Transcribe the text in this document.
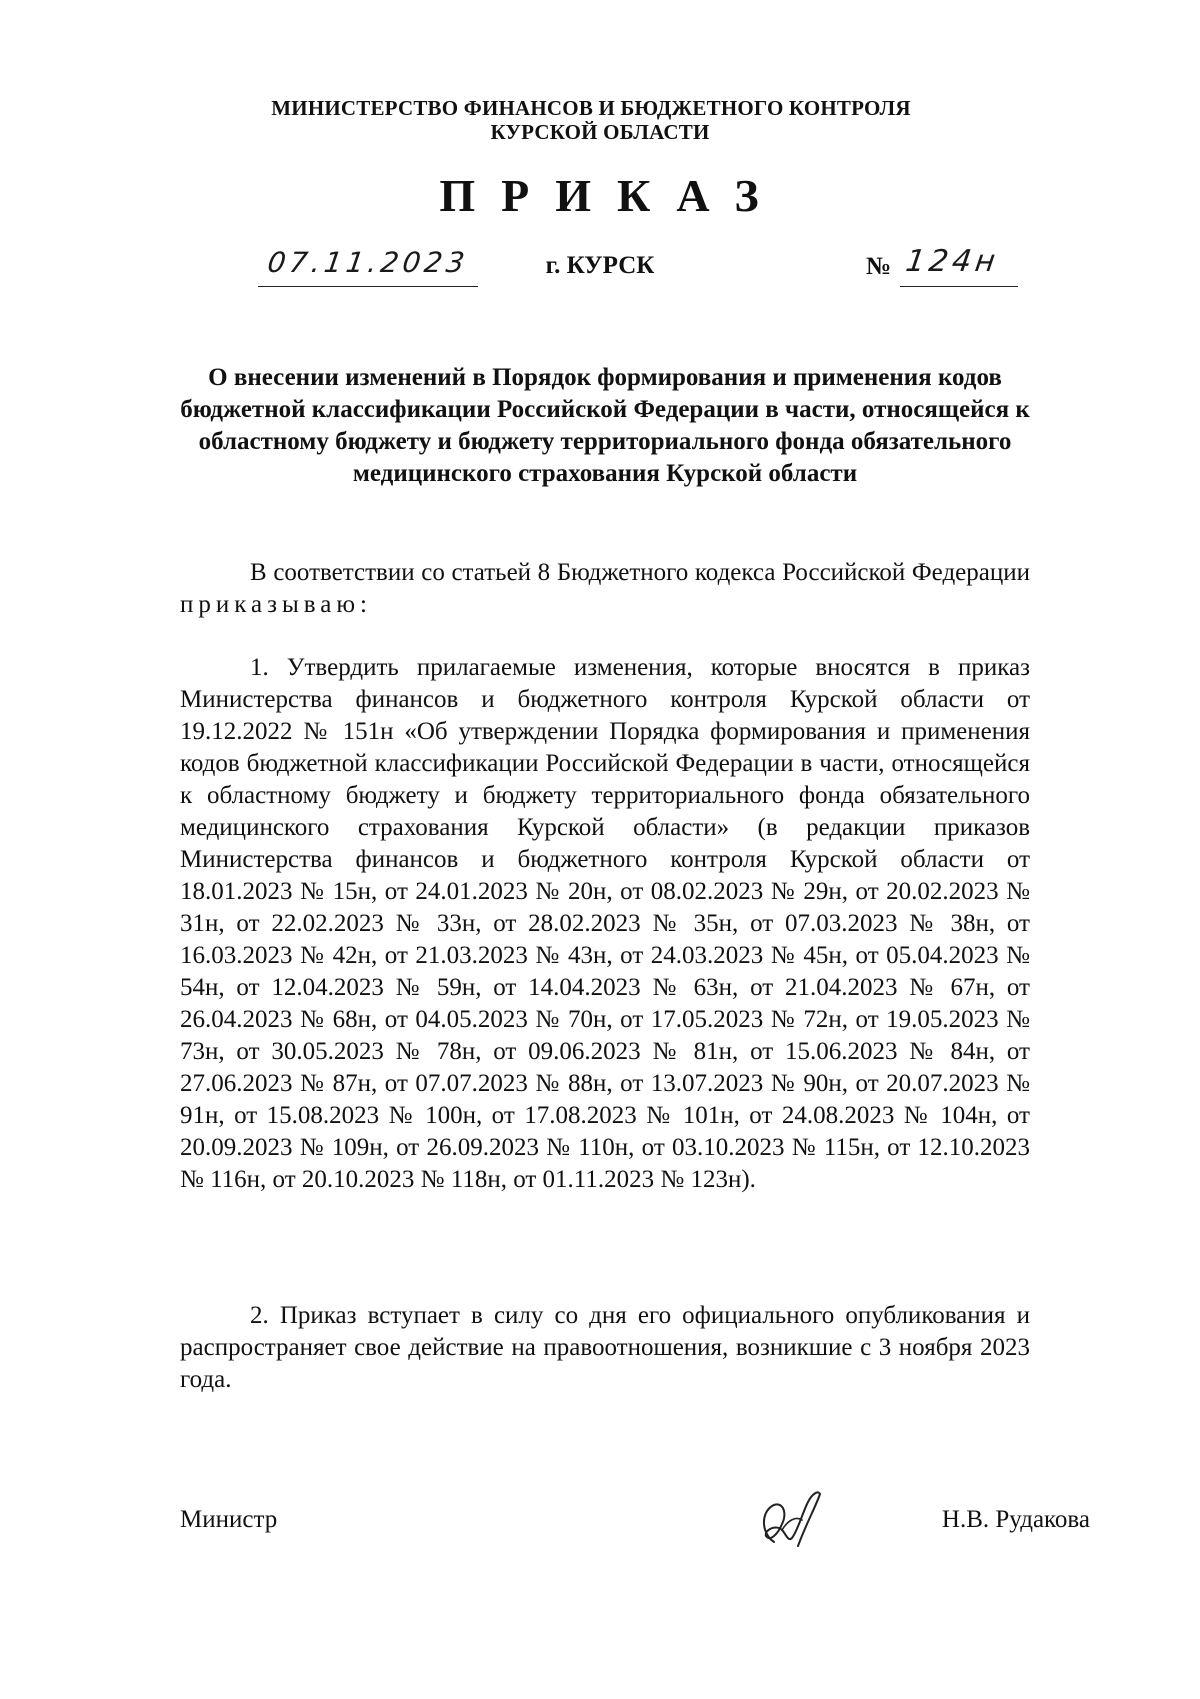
МИНИСТЕРСТВО ФИНАНСОВ И БЮДЖЕТНОГО КОНТРОЛЯ
КУРСКОЙ ОБЛАСТИ
ПРИКАЗ
07.11.2023	г. КУРСК	№ 124н
О внесении изменений в Порядок формирования и применения кодов бюджетной классификации Российской Федерации в части, относящейся к областному бюджету и бюджету территориального фонда обязательного медицинского страхования Курской области

В соответствии со статьей 8 Бюджетного кодекса Российской Федерации приказываю:

1. Утвердить прилагаемые изменения, которые вносятся в приказ Министерства финансов и бюджетного контроля Курской области от 19.12.2022 № 151н «Об утверждении Порядка формирования и применения кодов бюджетной классификации Российской Федерации в части, относящейся к областному бюджету и бюджету территориального фонда обязательного медицинского страхования Курской области» (в редакции приказов Министерства финансов и бюджетного контроля Курской области от 18.01.2023 № 15н, от 24.01.2023 № 20н, от 08.02.2023 № 29н, от 20.02.2023 № 31н, от 22.02.2023 № 33н, от 28.02.2023 № 35н, от 07.03.2023 № 38н, от 16.03.2023 № 42н, от 21.03.2023 № 43н, от 24.03.2023 № 45н, от 05.04.2023 № 54н, от 12.04.2023 № 59н, от 14.04.2023 № 63н, от 21.04.2023 № 67н, от 26.04.2023 № 68н, от 04.05.2023 № 70н, от 17.05.2023 № 72н, от 19.05.2023 № 73н, от 30.05.2023 № 78н, от 09.06.2023 № 81н, от 15.06.2023 № 84н, от 27.06.2023 № 87н, от 07.07.2023 № 88н, от 13.07.2023 № 90н, от 20.07.2023 № 91н, от 15.08.2023 № 100н, от 17.08.2023 № 101н, от 24.08.2023 № 104н, от 20.09.2023 № 109н, от 26.09.2023 № 110н, от 03.10.2023 № 115н, от 12.10.2023 № 116н, от 20.10.2023 № 118н, от 01.11.2023 № 123н).

2. Приказ вступает в силу со дня его официального опубликования и распространяет свое действие на правоотношения, возникшие с 3 ноября 2023 года.

Министр	Н.В. Рудакова
